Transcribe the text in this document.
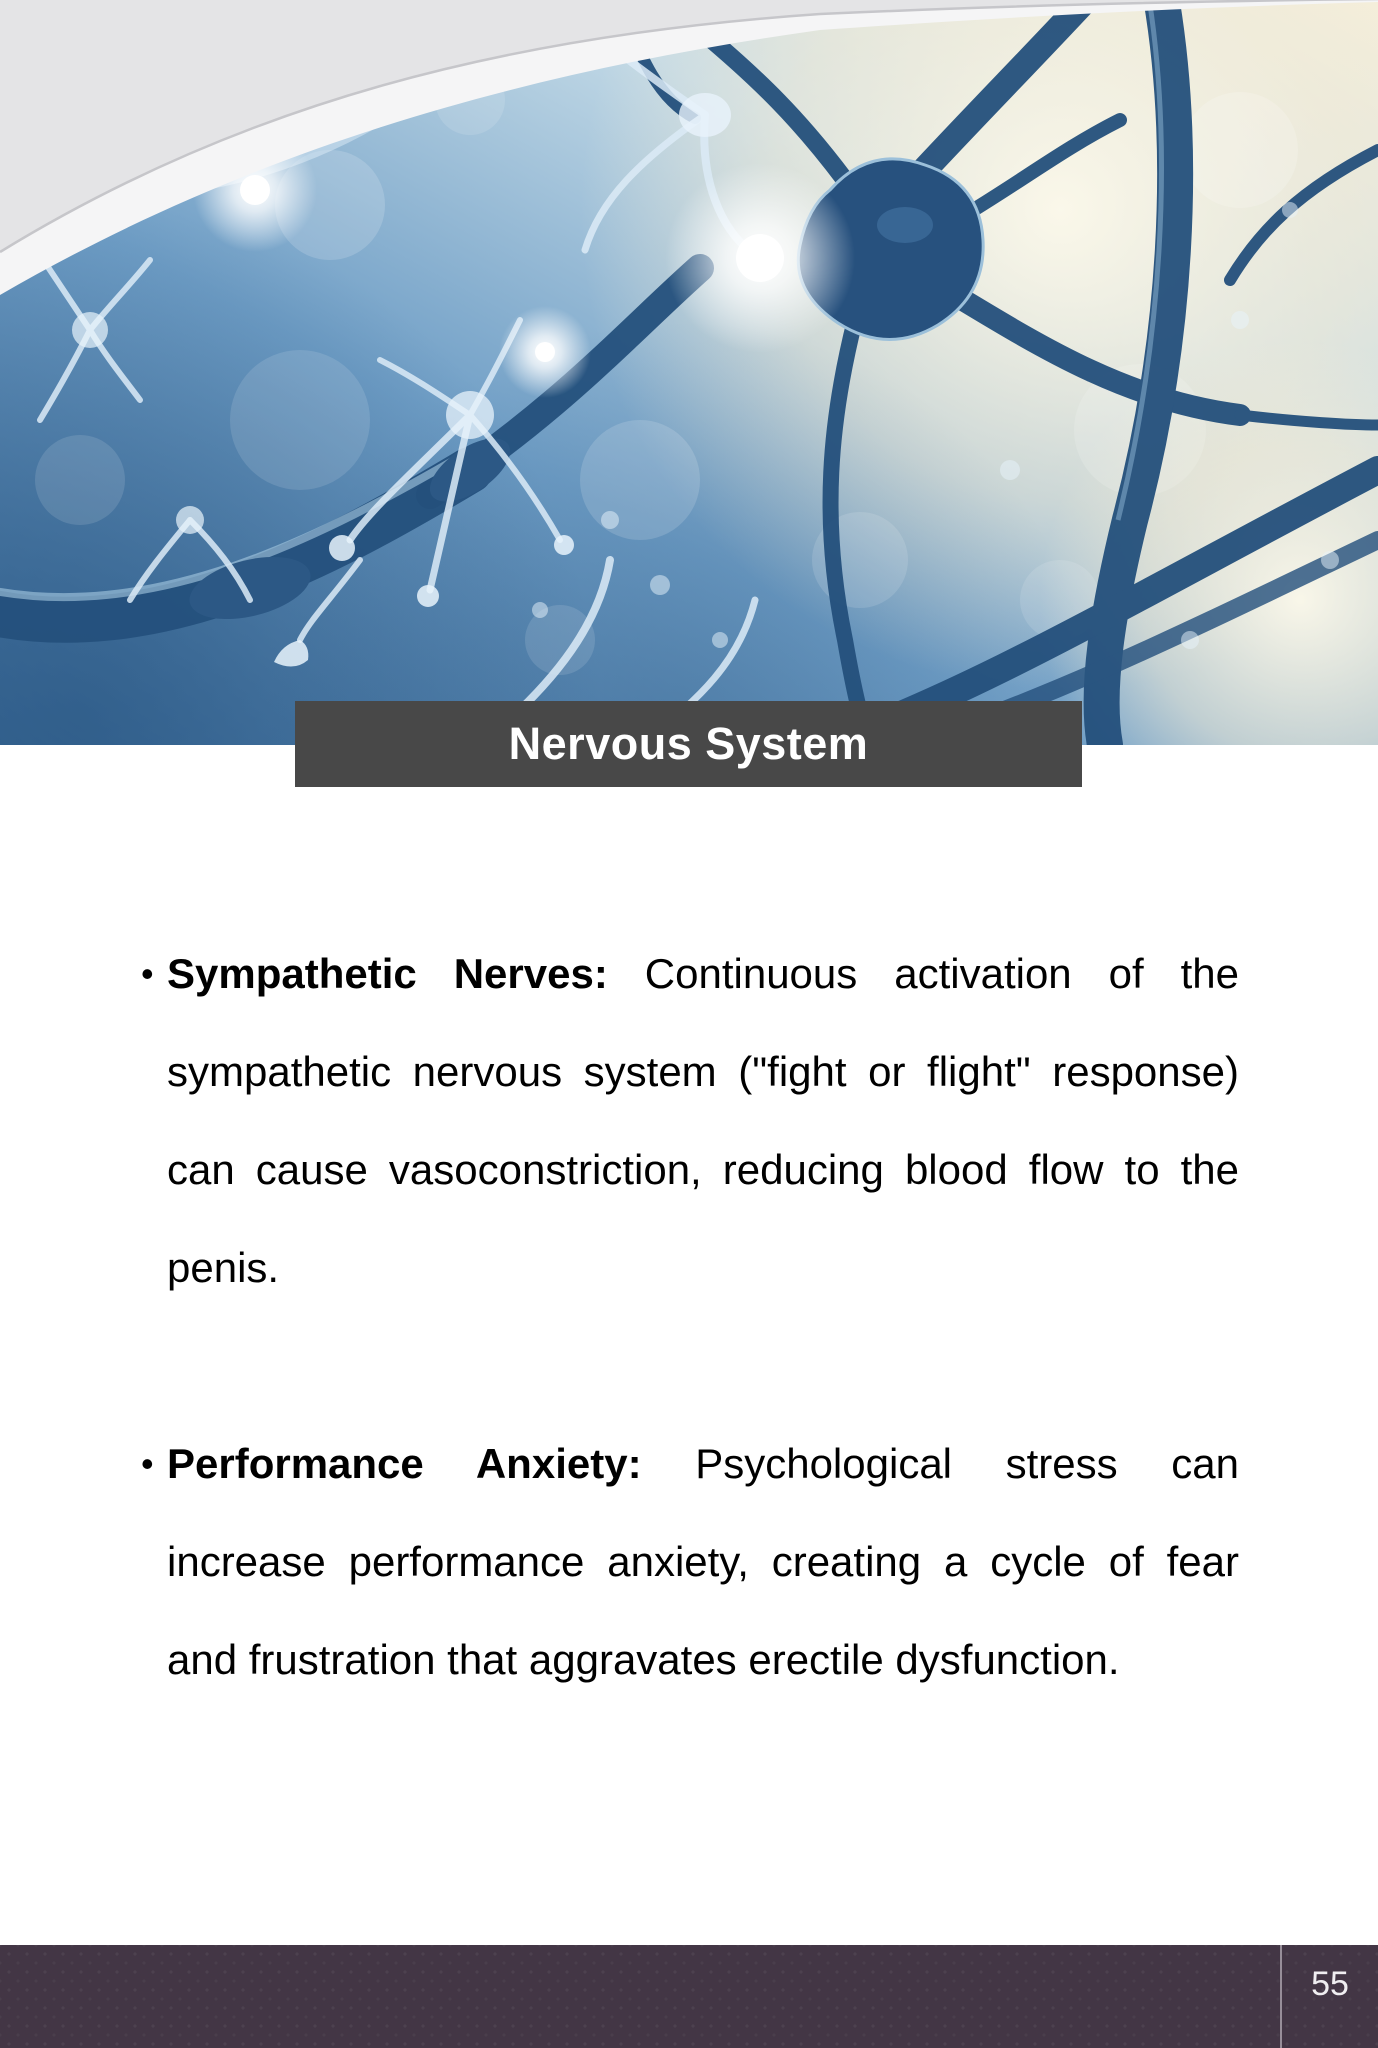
Nervous System
• Sympathetic Nerves: Continuous activation of the sympathetic nervous system ("fight or flight" response) can cause vasoconstriction, reducing blood flow to the penis.
• Performance Anxiety: Psychological stress can increase performance anxiety, creating a cycle of fear and frustration that aggravates erectile dysfunction.
55
